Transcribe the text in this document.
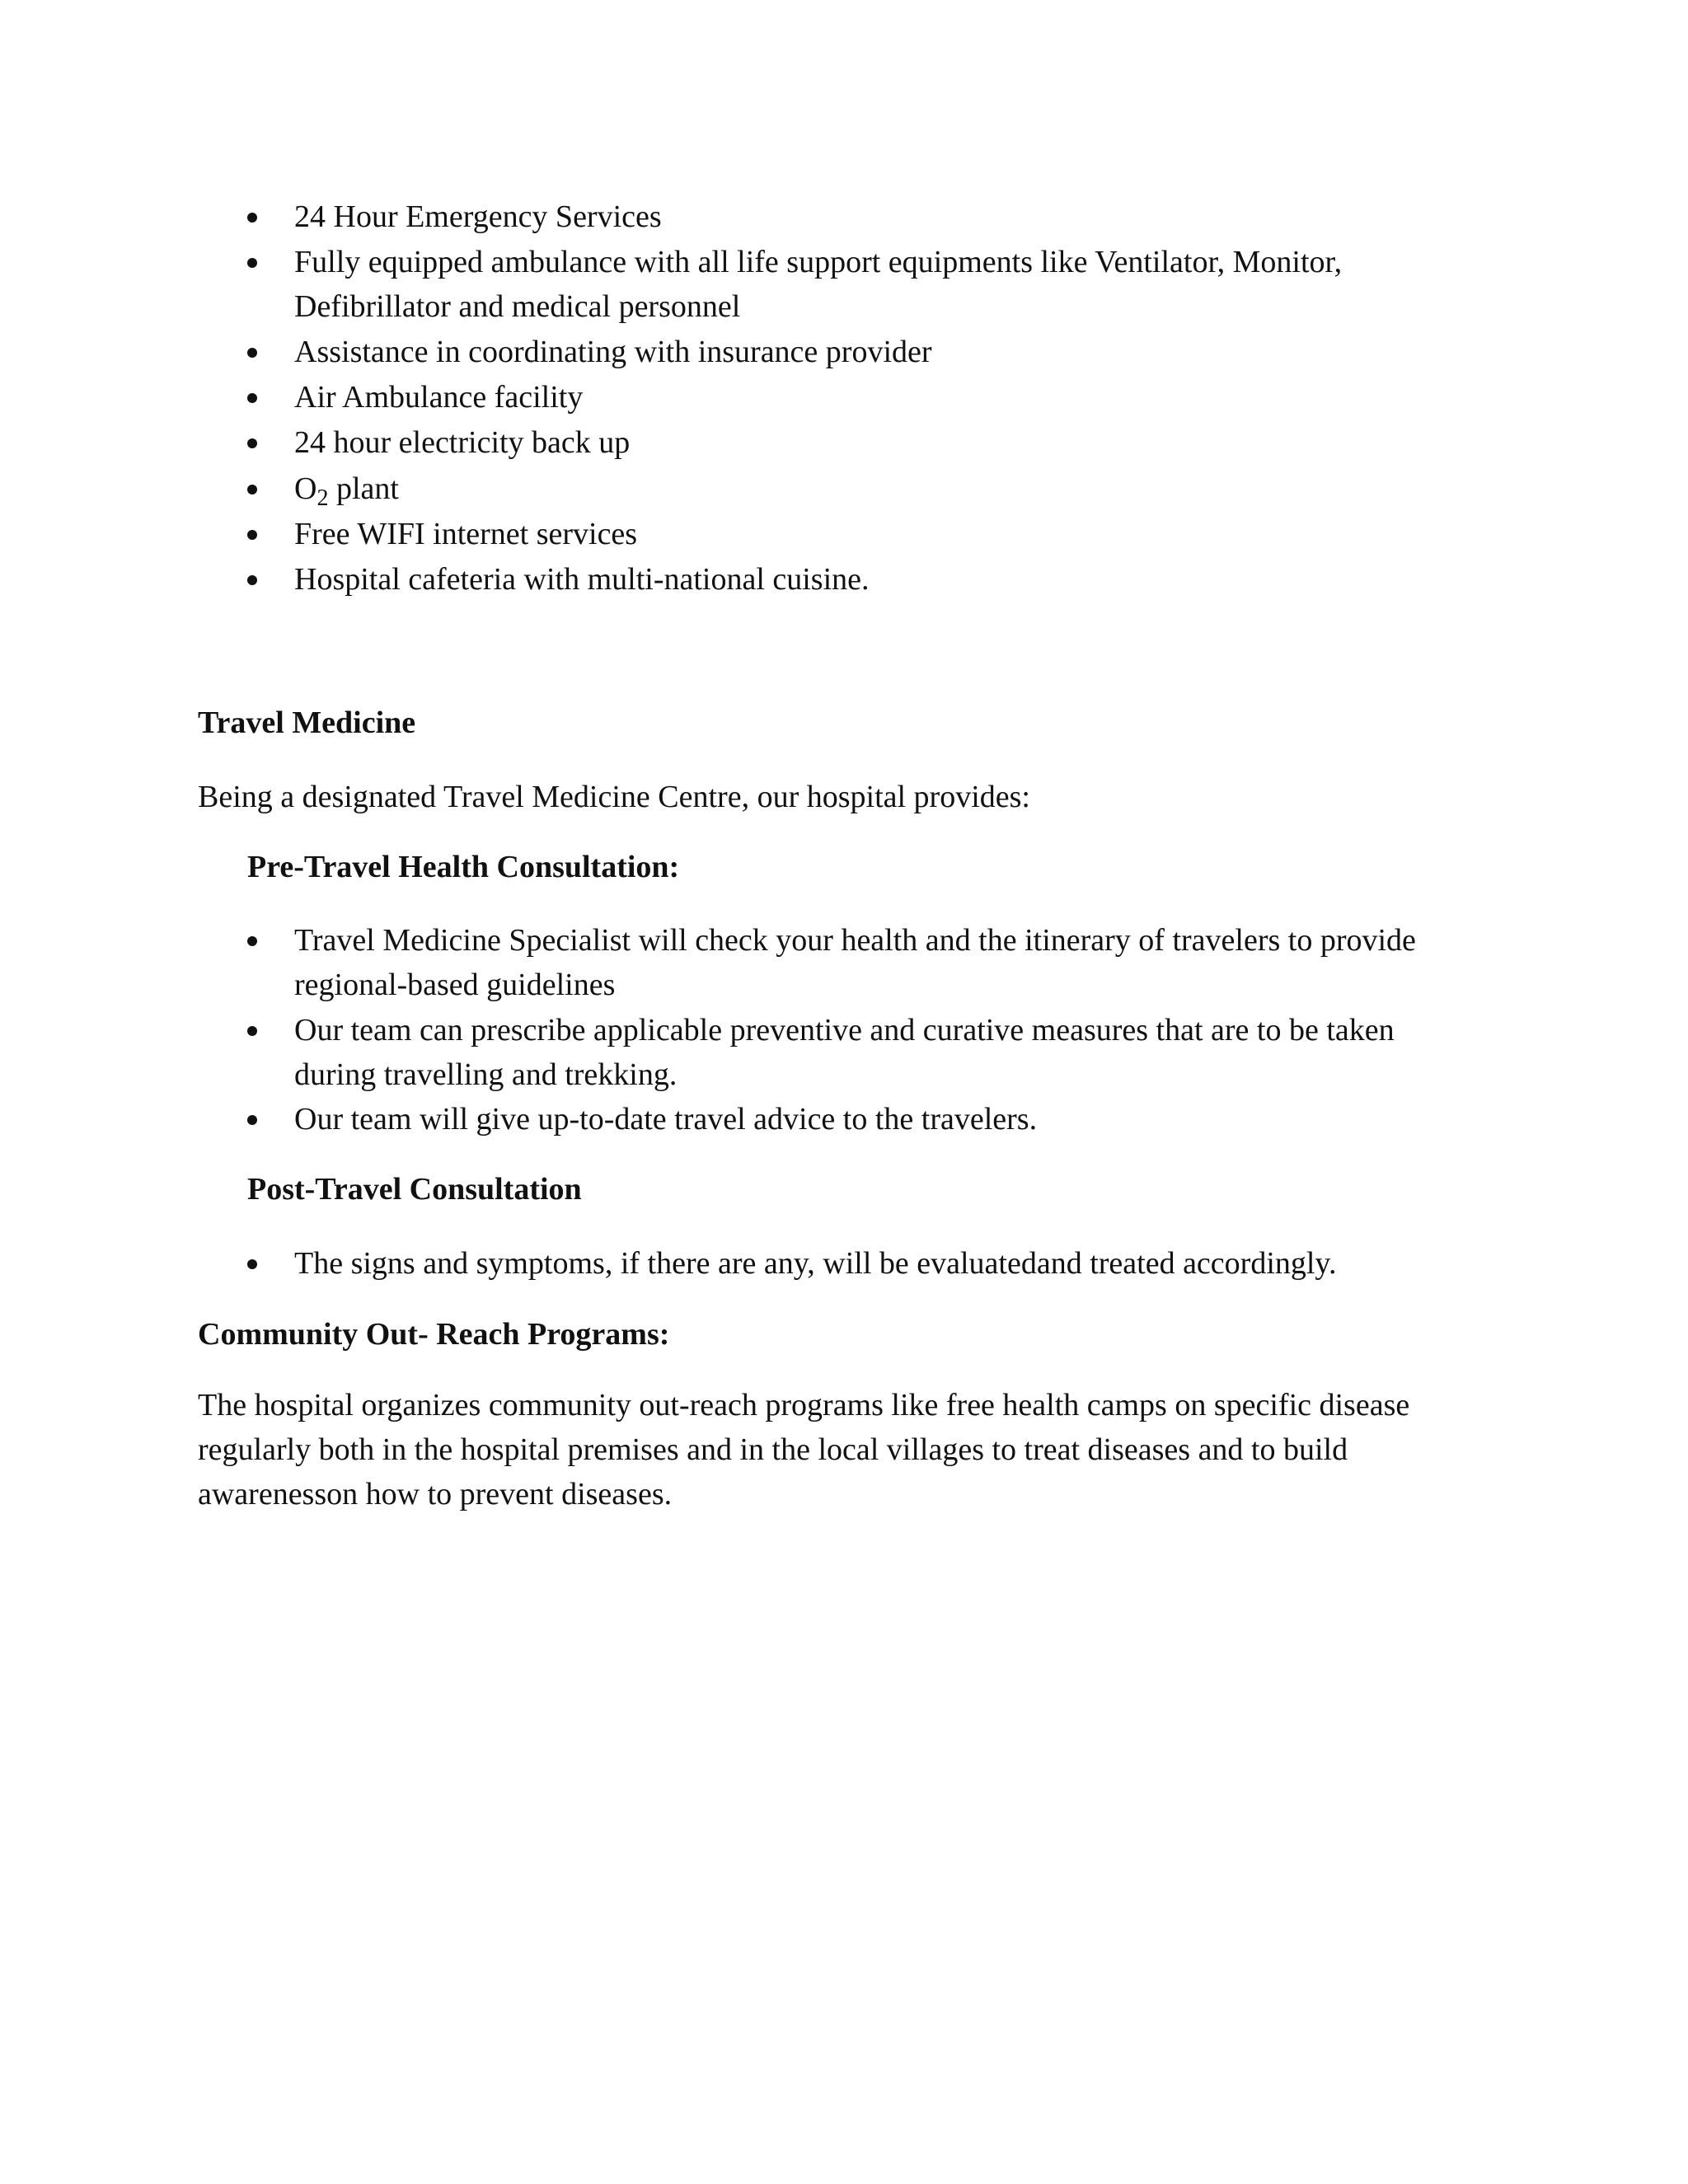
24 Hour Emergency Services
Fully equipped ambulance with all life support equipments like Ventilator, Monitor,
Defibrillator and medical personnel
Assistance in coordinating with insurance provider
Air Ambulance facility
24 hour electricity back up
$O_2$ plant
Free WIFI internet services
Hospital cafeteria with multi-national cuisine.
Travel Medicine
Being a designated Travel Medicine Centre, our hospital provides:
Pre-Travel Health Consultation:
Travel Medicine Specialist will check your health and the itinerary of travelers to provide
regional-based guidelines
Our team can prescribe applicable preventive and curative measures that are to be taken
during travelling and trekking.
Our team will give up-to-date travel advice to the travelers.
Post-Travel Consultation
The signs and symptoms, if there are any, will be evaluatedand treated accordingly.
Community Out- Reach Programs:
The hospital organizes community out-reach programs like free health camps on specific disease
regularly both in the hospital premises and in the local villages to treat diseases and to build
awarenesson how to prevent diseases.
